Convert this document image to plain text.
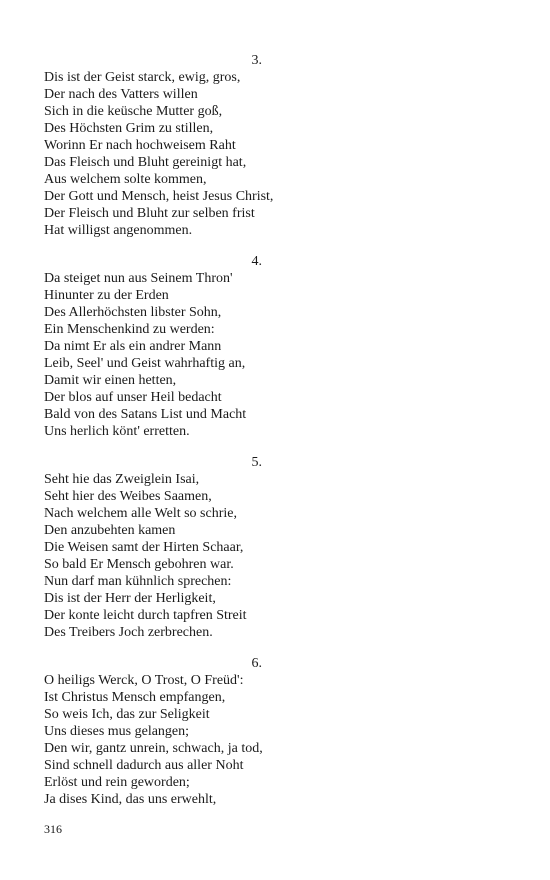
3.
Dis ist der Geist starck, ewig, gros,
Der nach des Vatters willen
Sich in die keüsche Mutter goß,
Des Höchsten Grim zu stillen,
Worinn Er nach hochweisem Raht
Das Fleisch und Bluht gereinigt hat,
Aus welchem solte kommen,
Der Gott und Mensch, heist Jesus Christ,
Der Fleisch und Bluht zur selben frist
Hat willigst angenommen.
4.
Da steiget nun aus Seinem Thron'
Hinunter zu der Erden
Des Allerhöchsten libster Sohn,
Ein Menschenkind zu werden:
Da nimt Er als ein andrer Mann
Leib, Seel' und Geist wahrhaftig an,
Damit wir einen hetten,
Der blos auf unser Heil bedacht
Bald von des Satans List und Macht
Uns herlich könt' erretten.
5.
Seht hie das Zweiglein Isai,
Seht hier des Weibes Saamen,
Nach welchem alle Welt so schrie,
Den anzubehten kamen
Die Weisen samt der Hirten Schaar,
So bald Er Mensch gebohren war.
Nun darf man kühnlich sprechen:
Dis ist der Herr der Herligkeit,
Der konte leicht durch tapfren Streit
Des Treibers Joch zerbrechen.
6.
O heiligs Werck, O Trost, O Freüd':
Ist Christus Mensch empfangen,
So weis Ich, das zur Seligkeit
Uns dieses mus gelangen;
Den wir, gantz unrein, schwach, ja tod,
Sind schnell dadurch aus aller Noht
Erlöst und rein geworden;
Ja dises Kind, das uns erwehlt,
316
